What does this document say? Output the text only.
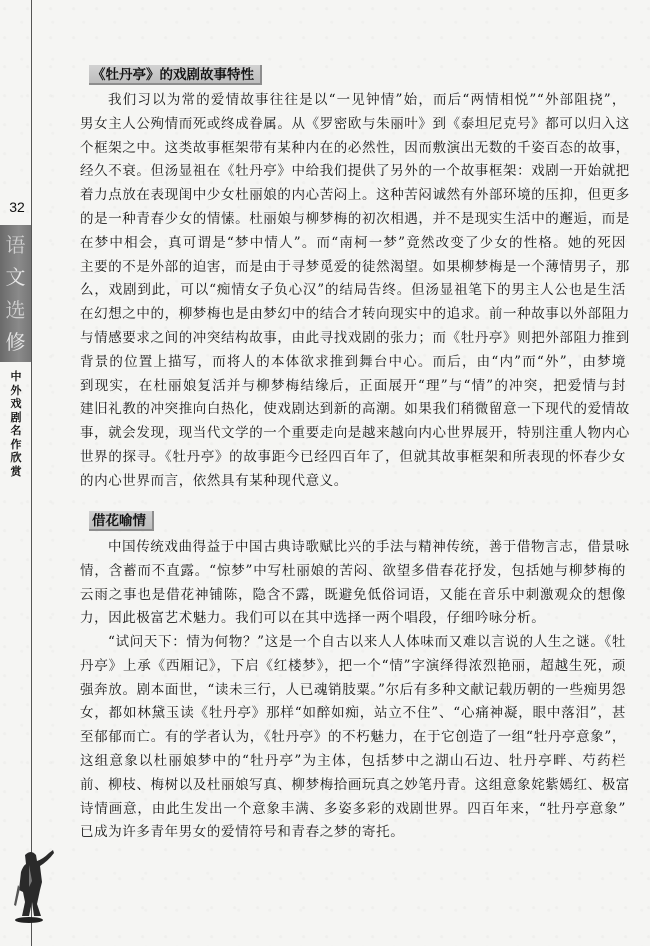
32
语
文
选
修
中
外
戏
剧
名
作
欣
赏
《牡丹亭》的戏剧故事特性
我们习以为常的爱情故事往往是以“一见钟情”始，而后“两情相悦”“外部阻挠”，
男女主人公殉情而死或终成眷属。从《罗密欧与朱丽叶》到《泰坦尼克号》都可以归入这
个框架之中。这类故事框架带有某种内在的必然性，因而敷演出无数的千姿百态的故事，
经久不衰。但汤显祖在《牡丹亭》中给我们提供了另外的一个故事框架：戏剧一开始就把
着力点放在表现闺中少女杜丽娘的内心苦闷上。这种苦闷诚然有外部环境的压抑，但更多
的是一种青春少女的情愫。杜丽娘与柳梦梅的初次相遇，并不是现实生活中的邂逅，而是
在梦中相会，真可谓是“梦中情人”。而“南柯一梦”竟然改变了少女的性格。她的死因
主要的不是外部的迫害，而是由于寻梦觅爱的徒然渴望。如果柳梦梅是一个薄情男子，那
么，戏剧到此，可以“痴情女子负心汉”的结局告终。但汤显祖笔下的男主人公也是生活
在幻想之中的，柳梦梅也是由梦幻中的结合才转向现实中的追求。前一种故事以外部阻力
与情感要求之间的冲突结构故事，由此寻找戏剧的张力；而《牡丹亭》则把外部阻力推到
背景的位置上描写，而将人的本体欲求推到舞台中心。而后，由“内”而“外”，由梦境
到现实，在杜丽娘复活并与柳梦梅结缘后，正面展开“理”与“情”的冲突，把爱情与封
建旧礼教的冲突推向白热化，使戏剧达到新的高潮。如果我们稍微留意一下现代的爱情故
事，就会发现，现当代文学的一个重要走向是越来越向内心世界展开，特别注重人物内心
世界的探寻。《牡丹亭》的故事距今已经四百年了，但就其故事框架和所表现的怀春少女
的内心世界而言，依然具有某种现代意义。
借花喻情
中国传统戏曲得益于中国古典诗歌赋比兴的手法与精神传统，善于借物言志，借景咏
情，含蓄而不直露。“惊梦”中写杜丽娘的苦闷、欲望多借春花抒发，包括她与柳梦梅的
云雨之事也是借花神铺陈，隐含不露，既避免低俗词语，又能在音乐中刺激观众的想像
力，因此极富艺术魅力。我们可以在其中选择一两个唱段，仔细吟咏分析。
“试问天下：情为何物？”这是一个自古以来人人体味而又难以言说的人生之谜。《牡
丹亭》上承《西厢记》，下启《红楼梦》，把一个“情”字演绎得浓烈艳丽，超越生死，顽
强奔放。剧本面世，“读未三行，人已魂销肢粟。”尔后有多种文献记载历朝的一些痴男怨
女，都如林黛玉读《牡丹亭》那样“如醉如痴，站立不住”、“心痛神凝，眼中落泪”，甚
至郁郁而亡。有的学者认为，《牡丹亭》的不朽魅力，在于它创造了一组“牡丹亭意象”，
这组意象以杜丽娘梦中的“牡丹亭”为主体，包括梦中之湖山石边、牡丹亭畔、芍药栏
前、柳枝、梅树以及杜丽娘写真、柳梦梅拾画玩真之妙笔丹青。这组意象姹紫嫣红、极富
诗情画意，由此生发出一个意象丰满、多姿多彩的戏剧世界。四百年来，“牡丹亭意象”
已成为许多青年男女的爱情符号和青春之梦的寄托。
